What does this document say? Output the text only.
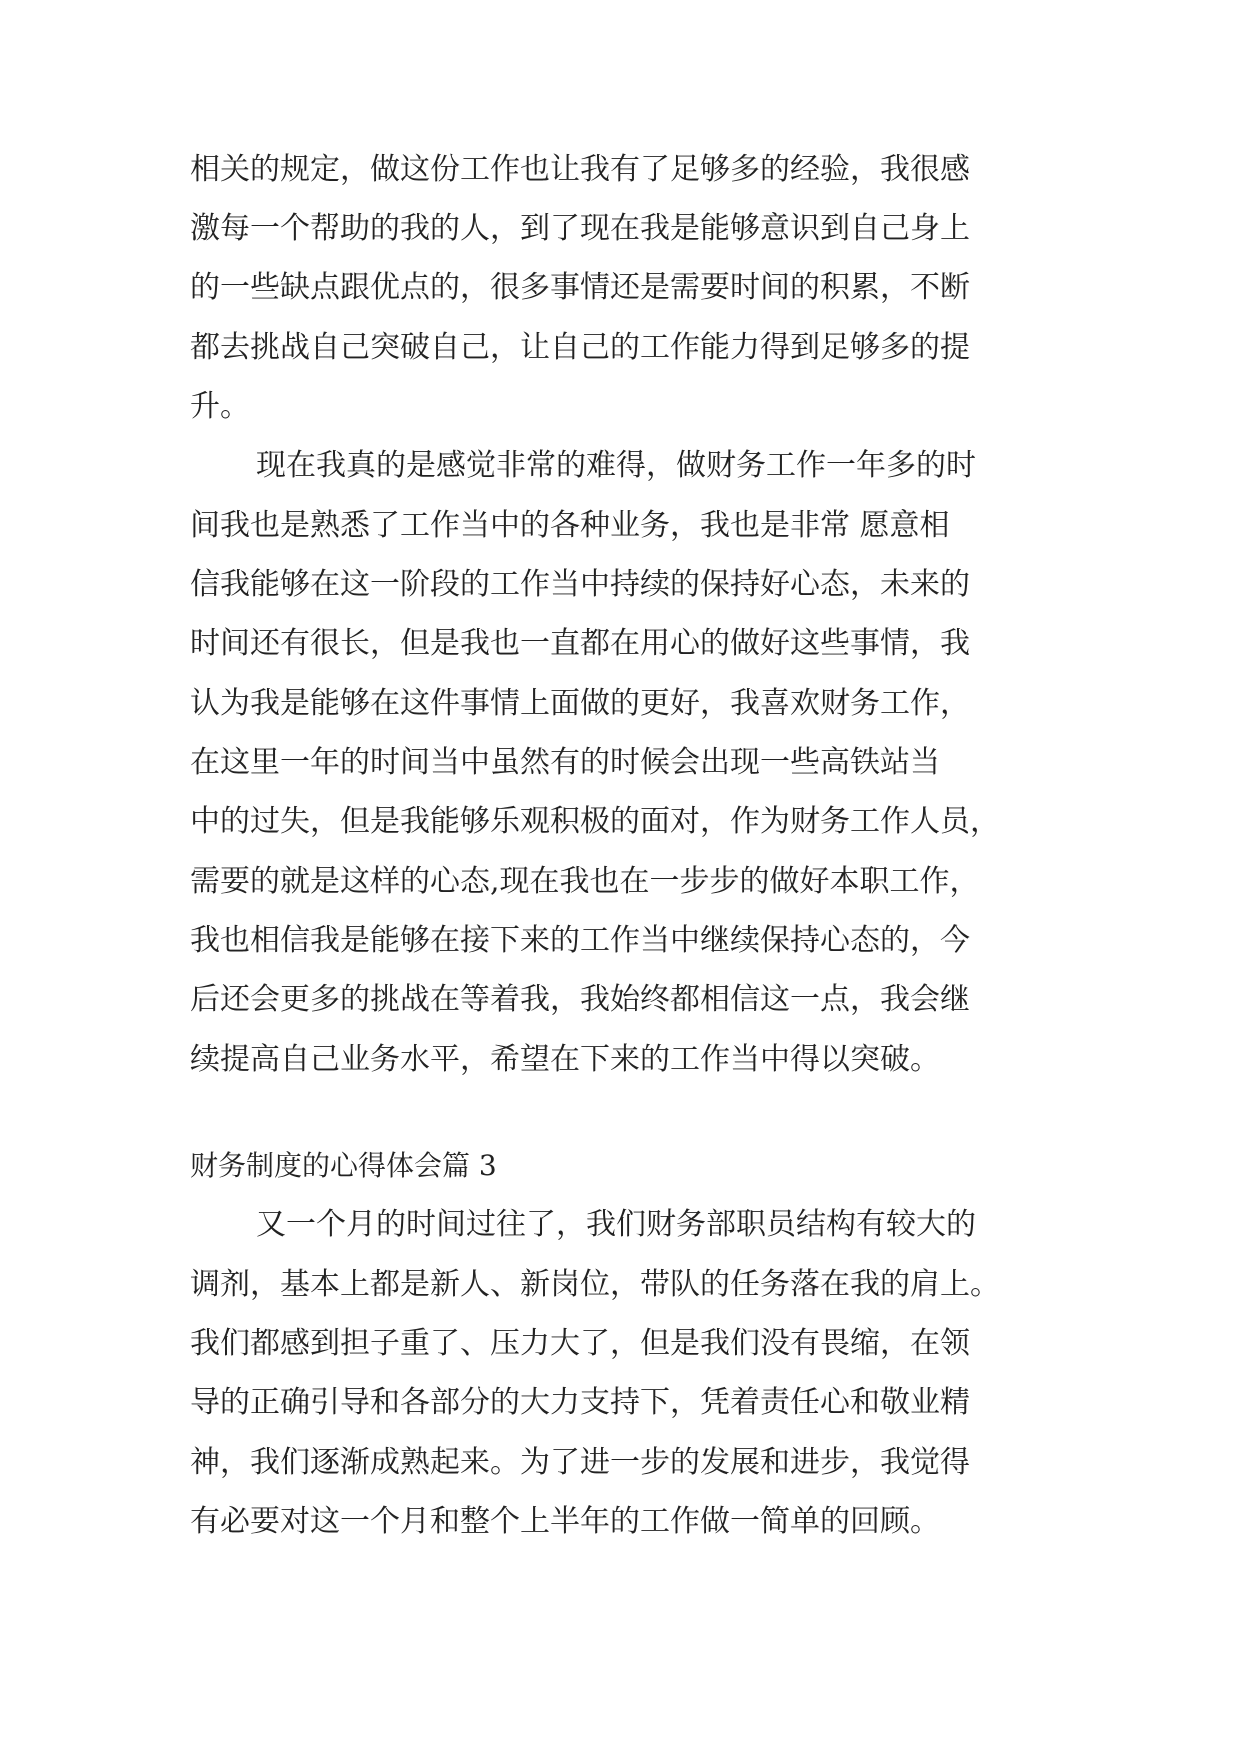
相关的规定，做这份工作也让我有了足够多的经验，我很感
激每一个帮助的我的人，到了现在我是能够意识到自己身上
的一些缺点跟优点的，很多事情还是需要时间的积累，不断
都去挑战自己突破自己，让自己的工作能力得到足够多的提
升。
现在我真的是感觉非常的难得，做财务工作一年多的时
间我也是熟悉了工作当中的各种业务，我也是非常 愿意相
信我能够在这一阶段的工作当中持续的保持好心态，未来的
时间还有很长，但是我也一直都在用心的做好这些事情，我
认为我是能够在这件事情上面做的更好，我喜欢财务工作，
在这里一年的时间当中虽然有的时候会出现一些高铁站当
中的过失，但是我能够乐观积极的面对，作为财务工作人员，
需要的就是这样的心态,现在我也在一步步的做好本职工作，
我也相信我是能够在接下来的工作当中继续保持心态的，今
后还会更多的挑战在等着我，我始终都相信这一点，我会继
续提高自己业务水平，希望在下来的工作当中得以突破。
财务制度的心得体会篇 3
又一个月的时间过往了，我们财务部职员结构有较大的
调剂，基本上都是新人、新岗位，带队的任务落在我的肩上。
我们都感到担子重了、压力大了，但是我们没有畏缩，在领
导的正确引导和各部分的大力支持下，凭着责任心和敬业精
神，我们逐渐成熟起来。为了进一步的发展和进步，我觉得
有必要对这一个月和整个上半年的工作做一简单的回顾。
